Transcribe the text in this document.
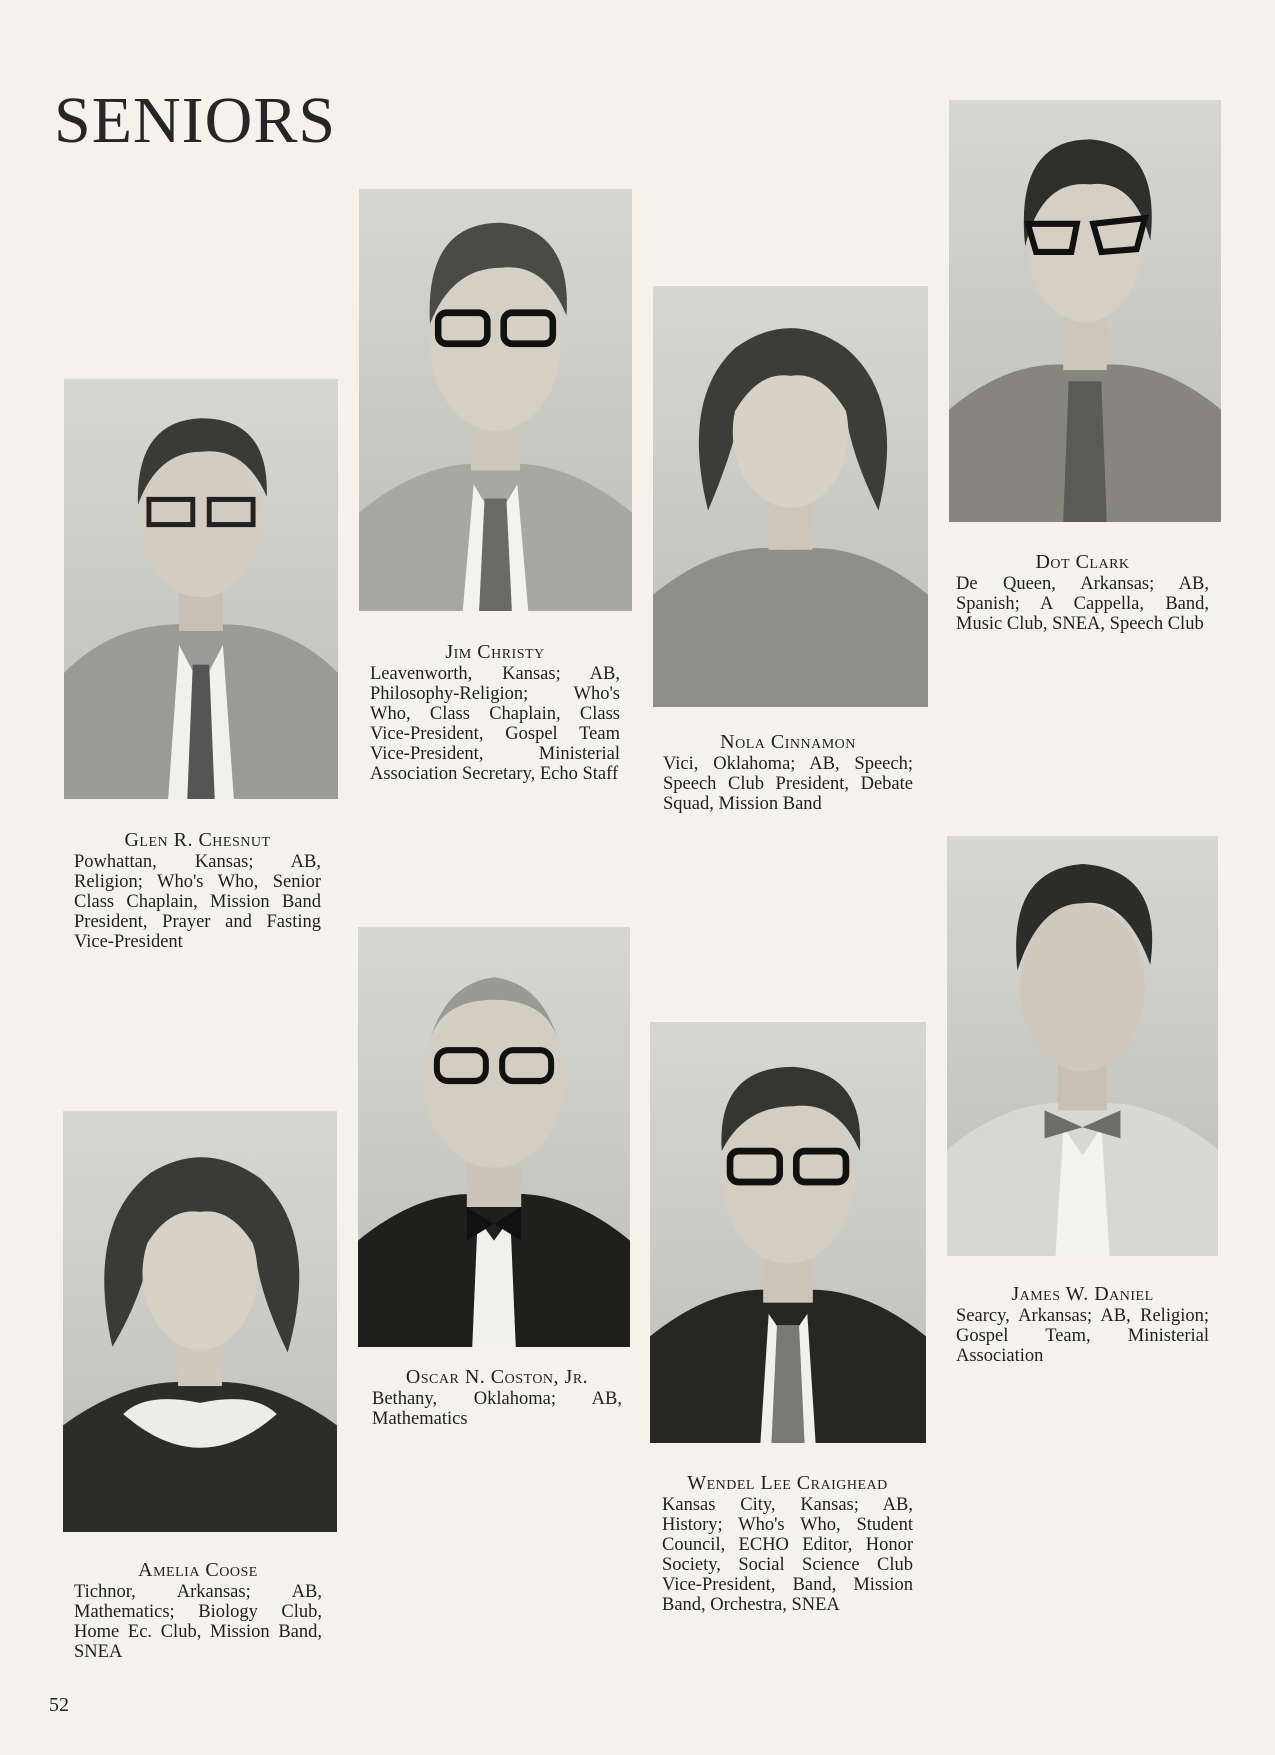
SENIORS
Glen R. Chesnut
Powhattan, Kansas; AB, Religion; Who's Who, Senior Class Chaplain, Mission Band President, Prayer and Fasting Vice-President
Jim Christy
Leavenworth, Kansas; AB, Philosophy-Religion; Who's Who, Class Chaplain, Class Vice-President, Gospel Team Vice-President, Ministerial Association Secretary, Echo Staff
Nola Cinnamon
Vici, Oklahoma; AB, Speech; Speech Club President, Debate Squad, Mission Band
Dot Clark
De Queen, Arkansas; AB, Spanish; A Cappella, Band, Music Club, SNEA, Speech Club
Amelia Coose
Tichnor, Arkansas; AB, Mathematics; Biology Club, Home Ec. Club, Mission Band, SNEA
Oscar N. Coston, Jr.
Bethany, Oklahoma; AB, Mathematics
Wendel Lee Craighead
Kansas City, Kansas; AB, History; Who's Who, Student Council, ECHO Editor, Honor Society, Social Science Club Vice-President, Band, Mission Band, Orchestra, SNEA
James W. Daniel
Searcy, Arkansas; AB, Religion; Gospel Team, Ministerial Association
52
